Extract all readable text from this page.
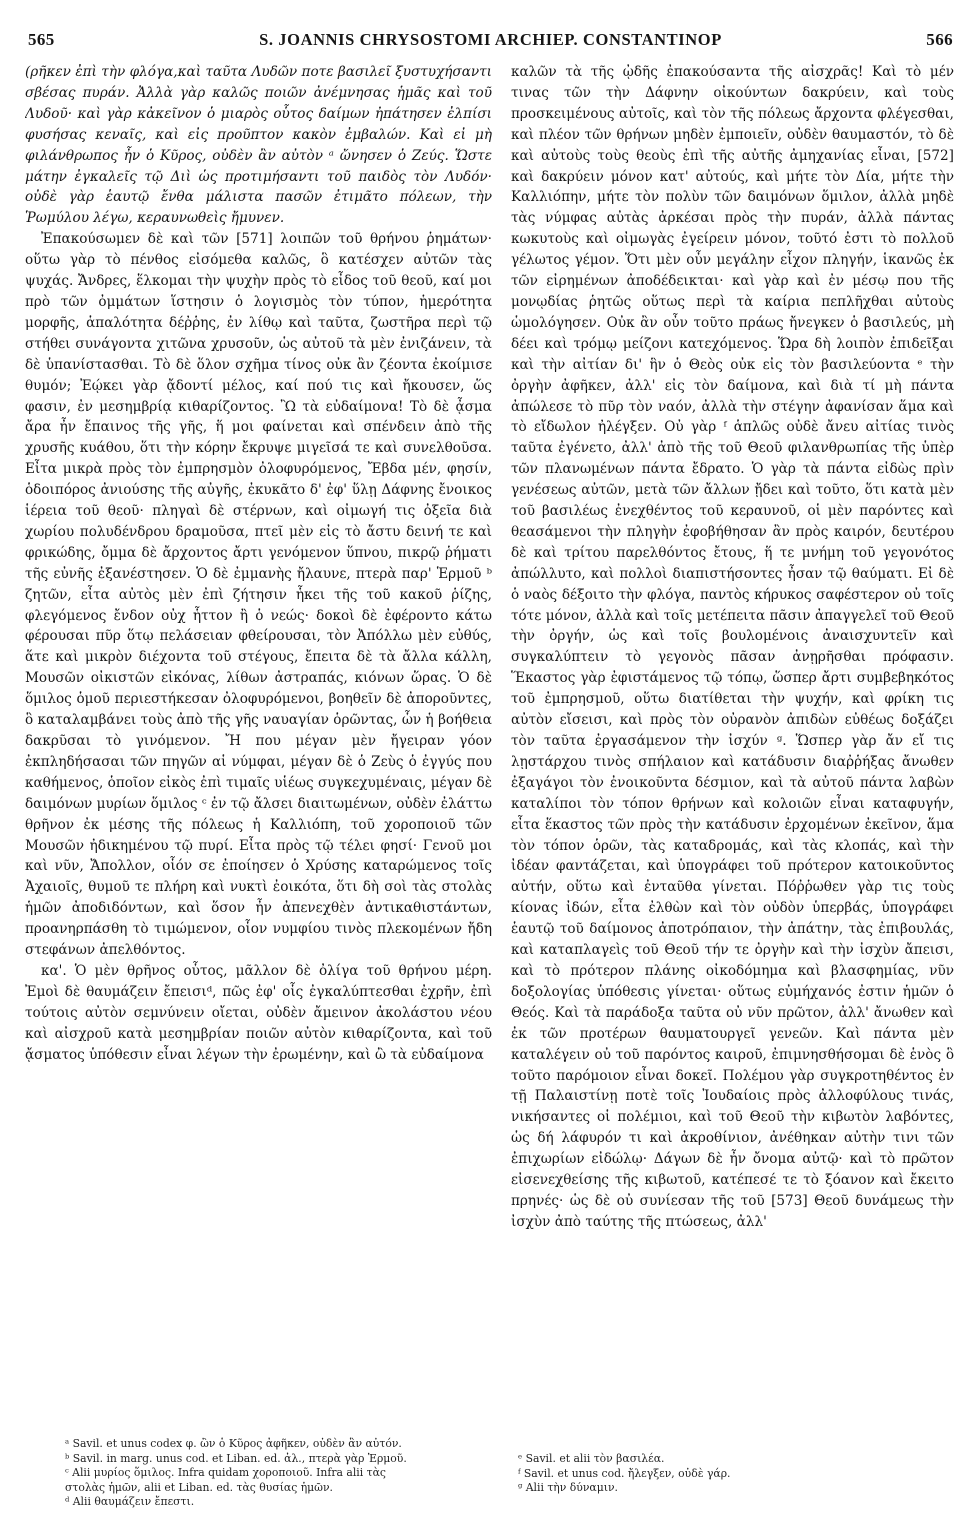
565	S. JOANNIS CHRYSOSTOMI ARCHIEP. CONSTANTINOP	566

(ρῆκεν ἐπὶ τὴν φλόγα,καὶ ταῦτα Λυδῶν ποτε βασιλεῖ ξυστυχήσαντι σβέσας πυράν. Ἀλλὰ γὰρ καλῶς ποιῶν ἀνέμνησας ἡμᾶς καὶ τοῦ Λυδοῦ· καὶ γὰρ κἀκεῖνον ὁ μιαρὸς οὗτος δαίμων ἠπάτησεν ἐλπίσι φυσήσας κεναῖς, καὶ εἰς προῦπτον κακὸν ἐμβαλών. Καὶ εἰ μὴ φιλάνθρωπος ἦν ὁ Κῦρος, οὐδὲν ἂν αὐτὸν ᵃ ὤνησεν ὁ Ζεύς. Ὥστε μάτην ἐγκαλεῖς τῷ Διὶ ὡς προτιμήσαντι τοῦ παιδὸς τὸν Λυδόν· οὐδὲ γὰρ ἑαυτῷ ἔνθα μάλιστα πασῶν ἐτιμᾶτο πόλεων, τὴν Ῥωμύλου λέγω, κεραυνωθεὶς ἤμυνεν.

Ἐπακούσωμεν δὲ καὶ τῶν [571] λοιπῶν τοῦ θρήνου ῥημάτων· οὕτω γὰρ τὸ πένθος εἰσόμεθα καλῶς, ὃ κατέσχεν αὐτῶν τὰς ψυχάς. Ἄνδρες, ἕλκομαι τὴν ψυχὴν πρὸς τὸ εἶδος τοῦ θεοῦ, καί μοι πρὸ τῶν ὀμμάτων ἵστησιν ὁ λογισμὸς τὸν τύπον, ἡμερότητα μορφῆς, ἁπαλότητα δέῤῥης, ἐν λίθῳ καὶ ταῦτα, ζωστῆρα περὶ τῷ στήθει συνάγοντα χιτῶνα χρυσοῦν, ὡς αὐτοῦ τὰ μὲν ἐνιζάνειν, τὰ δὲ ὑπανίστασθαι. Τὸ δὲ ὅλον σχῆμα τίνος οὐκ ἂν ζέοντα ἐκοίμισε θυμόν; Ἐῴκει γὰρ ᾄδοντί μέλος, καί πού τις καὶ ἤκουσεν, ὥς φασιν, ἐν μεσημβρίᾳ κιθαρίζοντος. Ὢ τὰ εὐδαίμονα! Τὸ δὲ ᾆσμα ἄρα ἦν ἔπαινος τῆς γῆς, ἥ μοι φαίνεται καὶ σπένδειν ἀπὸ τῆς χρυσῆς κυάθου, ὅτι τὴν κόρην ἔκρυψε μιγεῖσά τε καὶ συνελθοῦσα. Εἶτα μικρὰ πρὸς τὸν ἐμπρησμὸν ὀλοφυρόμενος, Ἔβδα μέν, φησίν, ὁδοιπόρος ἀνιούσης τῆς αὐγῆς, ἐκυκᾶτο δ' ἐφ' ὕλῃ Δάφνης ἔνοικος ἱέρεια τοῦ θεοῦ· πληγαὶ δὲ στέρνων, καὶ οἰμωγή τις ὀξεῖα διὰ χωρίου πολυδένδρου δραμοῦσα, πτεῖ μὲν εἰς τὸ ἄστυ δεινή τε καὶ φρικώδης, ὄμμα δὲ ἄρχοντος ἄρτι γενόμενον ὕπνου, πικρῷ ῥήματι τῆς εὐνῆς ἐξανέστησεν. Ὁ δὲ ἐμμανὴς ἤλαυνε, πτερὰ παρ' Ἑρμοῦ ᵇ ζητῶν, εἶτα αὐτὸς μὲν ἐπὶ ζήτησιν ἧκει τῆς τοῦ κακοῦ ῥίζης, φλεγόμενος ἔνδον οὐχ ἧττον ἢ ὁ νεώς· δοκοὶ δὲ ἐφέροντο κάτω φέρουσαι πῦρ ὅτῳ πελάσειαν φθείρουσαι, τὸν Ἀπόλλω μὲν εὐθύς, ἅτε καὶ μικρὸν διέχοντα τοῦ στέγους, ἔπειτα δὲ τὰ ἄλλα κάλλη, Μουσῶν οἰκιστῶν εἰκόνας, λίθων ἀστραπάς, κιόνων ὥρας. Ὁ δὲ ὅμιλος ὁμοῦ περιεστήκεσαν ὀλοφυρόμενοι, βοηθεῖν δὲ ἀποροῦντες, ὃ καταλαμβάνει τοὺς ἀπὸ τῆς γῆς ναυαγίαν ὁρῶντας, ὧν ἡ βοήθεια δακρῦσαι τὸ γινόμενον. Ἤ που μέγαν μὲν ἤγειραν γόον ἐκπληδήσασαι τῶν πηγῶν αἱ νύμφαι, μέγαν δὲ ὁ Ζεὺς ὁ ἐγγύς που καθήμενος, ὁποῖον εἰκὸς ἐπὶ τιμαῖς υἱέως συγκεχυμέναις, μέγαν δὲ δαιμόνων μυρίων ὅμιλος ᶜ ἐν τῷ ἄλσει διαιτωμένων, οὐδὲν ἐλάττω θρῆνον ἐκ μέσης τῆς πόλεως ἡ Καλλιόπη, τοῦ χοροποιοῦ τῶν Μουσῶν ἠδικημένου τῷ πυρί. Εἶτα πρὸς τῷ τέλει φησί· Γενοῦ μοι καὶ νῦν, Ἄπολλον, οἷόν σε ἐποίησεν ὁ Χρύσης καταρώμενος τοῖς Ἀχαιοῖς, θυμοῦ τε πλήρη καὶ νυκτὶ ἐοικότα, ὅτι δὴ σοὶ τὰς στολὰς ἡμῶν ἀποδιδόντων, καὶ ὅσον ἦν ἀπενεχθὲν ἀντικαθιστάντων, προανηρπάσθη τὸ τιμώμενον, οἷον νυμφίου τινὸς πλεκομένων ἤδη στεφάνων ἀπελθόντος.

κα'. Ὁ μὲν θρῆνος οὗτος, μᾶλλον δὲ ὀλίγα τοῦ θρήνου μέρη. Ἐμοὶ δὲ θαυμάζειν ἔπεισιᵈ, πῶς ἐφ' οἷς ἐγκαλύπτεσθαι ἐχρῆν, ἐπὶ τούτοις αὐτὸν σεμνύνειν οἴεται, οὐδὲν ἄμεινον ἀκολάστου νέου καὶ αἰσχροῦ κατὰ μεσημβρίαν ποιῶν αὐτὸν κιθαρίζοντα, καὶ τοῦ ᾄσματος ὑπόθεσιν εἶναι λέγων τὴν ἐρωμένην, καὶ ὢ τὰ εὐδαίμονα

καλῶν τὰ τῆς ᾠδῆς ἐπακούσαντα τῆς αἰσχρᾶς! Καὶ τὸ μέν τινας τῶν τὴν Δάφνην οἰκούντων δακρύειν, καὶ τοὺς προσκειμένους αὐτοῖς, καὶ τὸν τῆς πόλεως ἄρχοντα φλέγεσθαι, καὶ πλέον τῶν θρήνων μηδὲν ἐμποιεῖν, οὐδὲν θαυμαστόν, τὸ δὲ καὶ αὐτοὺς τοὺς θεοὺς ἐπὶ τῆς αὐτῆς ἀμηχανίας εἶναι, [572] καὶ δακρύειν μόνον κατ' αὐτούς, καὶ μήτε τὸν Δία, μήτε τὴν Καλλιόπην, μήτε τὸν πολὺν τῶν δαιμόνων ὅμιλον, ἀλλὰ μηδὲ τὰς νύμφας αὐτὰς ἀρκέσαι πρὸς τὴν πυράν, ἀλλὰ πάντας κωκυτοὺς καὶ οἰμωγὰς ἐγείρειν μόνον, τοῦτό ἐστι τὸ πολλοῦ γέλωτος γέμον. Ὅτι μὲν οὖν μεγάλην εἶχον πληγήν, ἱκανῶς ἐκ τῶν εἰρημένων ἀποδέδεικται· καὶ γὰρ καὶ ἐν μέσῳ που τῆς μονῳδίας ῥητῶς οὕτως περὶ τὰ καίρια πεπλῆχθαι αὐτοὺς ὡμολόγησεν. Οὐκ ἂν οὖν τοῦτο πράως ἤνεγκεν ὁ βασιλεύς, μὴ δέει καὶ τρόμῳ μείζονι κατεχόμενος. Ὥρα δὴ λοιπὸν ἐπιδεῖξαι καὶ τὴν αἰτίαν δι' ἣν ὁ Θεὸς οὐκ εἰς τὸν βασιλεύοντα ᵉ τὴν ὀργὴν ἀφῆκεν, ἀλλ' εἰς τὸν δαίμονα, καὶ διὰ τί μὴ πάντα ἀπώλεσε τὸ πῦρ τὸν ναόν, ἀλλὰ τὴν στέγην ἀφανίσαν ἅμα καὶ τὸ εἴδωλον ἠλέγξεν. Οὐ γὰρ ᶠ ἁπλῶς οὐδὲ ἄνευ αἰτίας τινὸς ταῦτα ἐγένετο, ἀλλ' ἀπὸ τῆς τοῦ Θεοῦ φιλανθρωπίας τῆς ὑπὲρ τῶν πλανωμένων πάντα ἔδρατο. Ὁ γὰρ τὰ πάντα εἰδὼς πρὶν γενέσεως αὐτῶν, μετὰ τῶν ἄλλων ᾔδει καὶ τοῦτο, ὅτι κατὰ μὲν τοῦ βασιλέως ἐνεχθέντος τοῦ κεραυνοῦ, οἱ μὲν παρόντες καὶ θεασάμενοι τὴν πληγὴν ἐφοβήθησαν ἂν πρὸς καιρόν, δευτέρου δὲ καὶ τρίτου παρελθόντος ἔτους, ἥ τε μνήμη τοῦ γεγονότος ἀπώλλυτο, καὶ πολλοὶ διαπιστήσοντες ἦσαν τῷ θαύματι. Εἰ δὲ ὁ ναὸς δέξοιτο τὴν φλόγα, παντὸς κήρυκος σαφέστερον οὐ τοῖς τότε μόνον, ἀλλὰ καὶ τοῖς μετέπειτα πᾶσιν ἀπαγγελεῖ τοῦ Θεοῦ τὴν ὀργήν, ὡς καὶ τοῖς βουλομένοις ἀναισχυντεῖν καὶ συγκαλύπτειν τὸ γεγονὸς πᾶσαν ἀνῃρῆσθαι πρόφασιν. Ἕκαστος γὰρ ἐφιστάμενος τῷ τόπῳ, ὥσπερ ἄρτι συμβεβηκότος τοῦ ἐμπρησμοῦ, οὕτω διατίθεται τὴν ψυχήν, καὶ φρίκη τις αὐτὸν εἴσεισι, καὶ πρὸς τὸν οὐρανὸν ἀπιδὼν εὐθέως δοξάζει τὸν ταῦτα ἐργασάμενον τὴν ἰσχύν ᵍ. Ὥσπερ γὰρ ἄν εἴ τις λῃστάρχου τινὸς σπήλαιον καὶ κατάδυσιν διαῤῥήξας ἄνωθεν ἐξαγάγοι τὸν ἐνοικοῦντα δέσμιον, καὶ τὰ αὐτοῦ πάντα λαβὼν καταλίποι τὸν τόπον θρήνων καὶ κολοιῶν εἶναι καταφυγήν, εἶτα ἕκαστος τῶν πρὸς τὴν κατάδυσιν ἐρχομένων ἐκεῖνον, ἅμα τὸν τόπον ὁρῶν, τὰς καταδρομάς, καὶ τὰς κλοπάς, καὶ τὴν ἰδέαν φαντάζεται, καὶ ὑπογράφει τοῦ πρότερον κατοικοῦντος αὐτήν, οὕτω καὶ ἐνταῦθα γίνεται. Πόῤῥωθεν γὰρ τις τοὺς κίονας ἰδών, εἶτα ἐλθὼν καὶ τὸν οὐδὸν ὑπερβάς, ὑπογράφει ἑαυτῷ τοῦ δαίμονος ἀποτρόπαιον, τὴν ἀπάτην, τὰς ἐπιβουλάς, καὶ καταπλαγεὶς τοῦ Θεοῦ τήν τε ὀργὴν καὶ τὴν ἰσχὺν ἄπεισι, καὶ τὸ πρότερον πλάνης οἰκοδόμημα καὶ βλασφημίας, νῦν δοξολογίας ὑπόθεσις γίνεται· οὕτως εὐμήχανός ἐστιν ἡμῶν ὁ Θεός. Καὶ τὰ παράδοξα ταῦτα οὐ νῦν πρῶτον, ἀλλ' ἄνωθεν καὶ ἐκ τῶν προτέρων θαυματουργεῖ γενεῶν. Καὶ πάντα μὲν καταλέγειν οὐ τοῦ παρόντος καιροῦ, ἐπιμνησθήσομαι δὲ ἑνὸς ὃ τοῦτο παρόμοιον εἶναι δοκεῖ. Πολέμου γὰρ συγκροτηθέντος ἐν τῇ Παλαιστίνῃ ποτὲ τοῖς Ἰουδαίοις πρὸς ἀλλοφύλους τινάς, νικήσαντες οἱ πολέμιοι, καὶ τοῦ Θεοῦ τὴν κιβωτὸν λαβόντες, ὡς δή λάφυρόν τι καὶ ἀκροθίνιον, ἀνέθηκαν αὐτὴν τινι τῶν ἐπιχωρίων εἰδώλῳ· Δάγων δὲ ἦν ὄνομα αὐτῷ· καὶ τὸ πρῶτον εἰσενεχθείσης τῆς κιβωτοῦ, κατέπεσέ τε τὸ ξόανον καὶ ἔκειτο πρηνές· ὡς δὲ οὐ συνίεσαν τῆς τοῦ [573] Θεοῦ δυνάμεως τὴν ἰσχὺν ἀπὸ ταύτης τῆς πτώσεως, ἀλλ'

ᵃ Savil. et unus codex φ. ὢν ὁ Κῦρος ἀφῆκεν, οὐδὲν ἂν αὐτόν.
ᵇ Savil. in marg. unus cod. et Liban. ed. ἀλ., πτερὰ γὰρ Ἑρμοῦ.
ᶜ Alii μυρίος ὅμιλος. Infra quidam χοροποιοῦ. Infra alii τὰς
στολὰς ἡμῶν, alii et Liban. ed. τὰς θυσίας ἡμῶν.
ᵈ Alii θαυμάζειν ἔπεστι.
ᵉ Savil. et alii τὸν βασιλέα.
ᶠ Savil. et unus cod. ἤλεγξεν, οὐδὲ γάρ.
ᵍ Alii τὴν δύναμιν.
